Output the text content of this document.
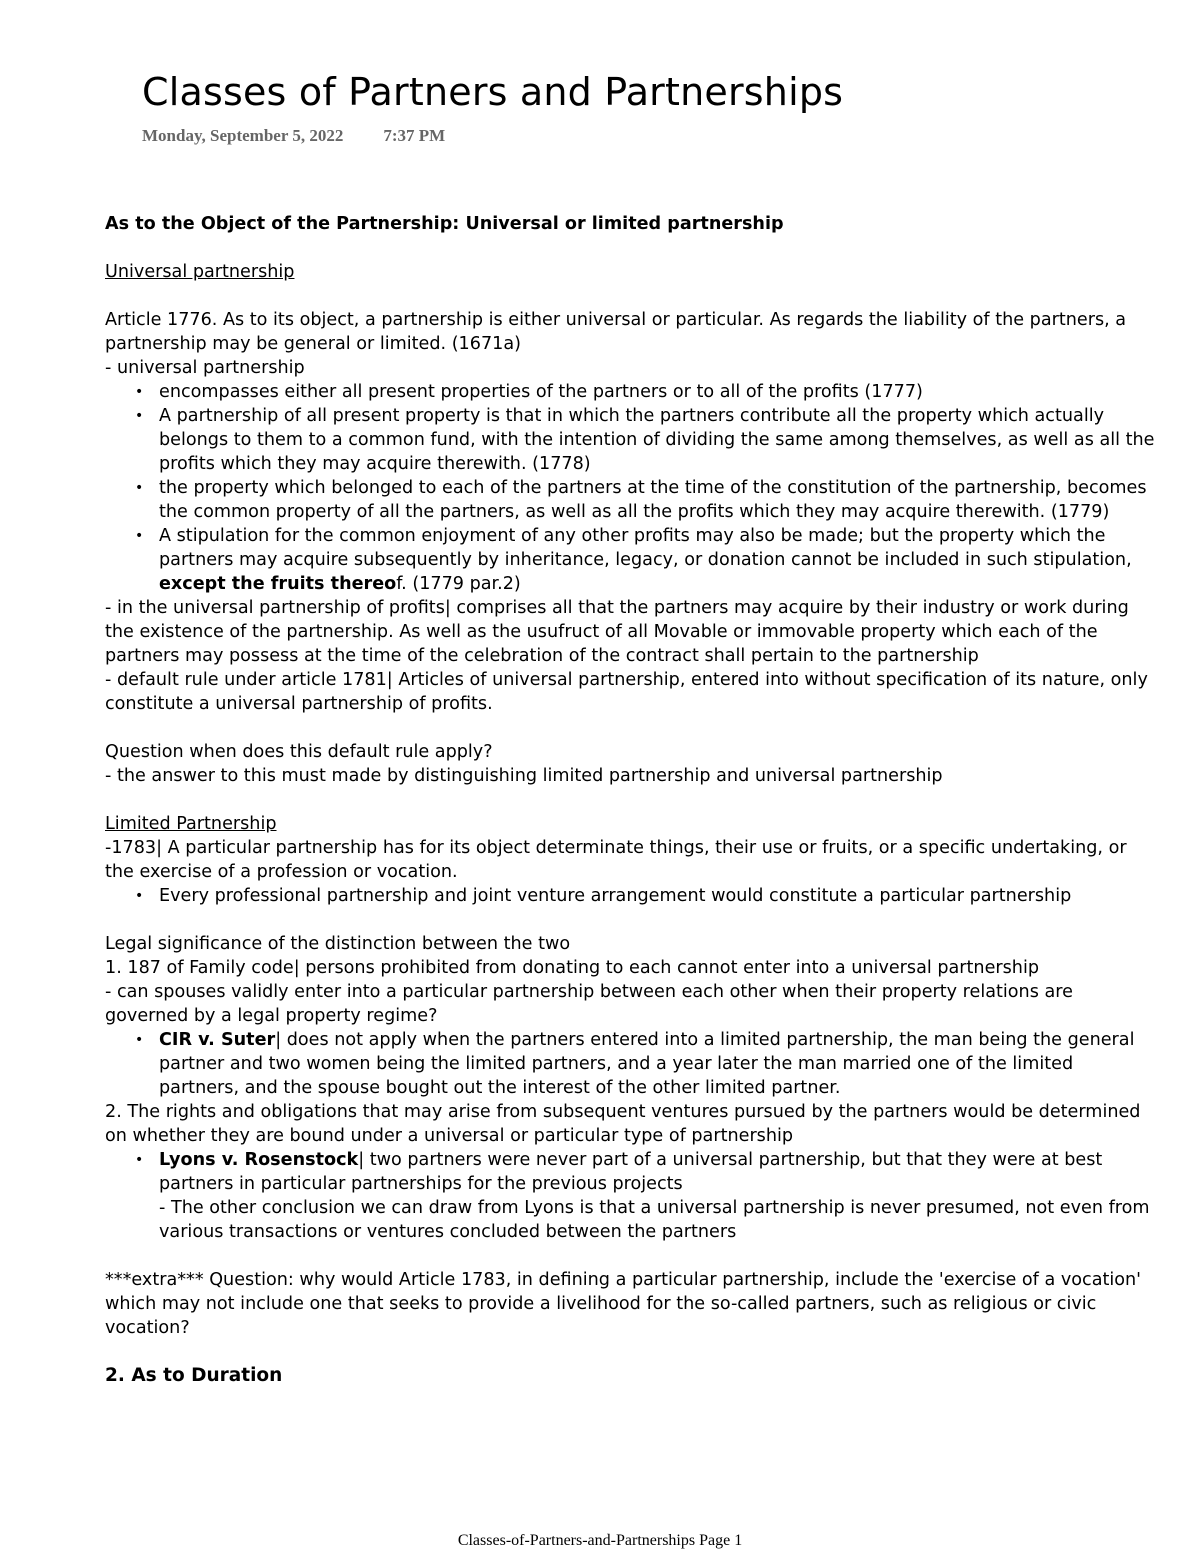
Classes of Partners and Partnerships
Monday, September 5, 2022 7:37 PM

As to the Object of the Partnership: Universal or limited partnership

Universal partnership

Article 1776. As to its object, a partnership is either universal or particular. As regards the liability of the partners, a partnership may be general or limited. (1671a)

- universal partnership

• encompasses either all present properties of the partners or to all of the profits (1777)
• A partnership of all present property is that in which the partners contribute all the property which actually belongs to them to a common fund, with the intention of dividing the same among themselves, as well as all the profits which they may acquire therewith. (1778)
• the property which belonged to each of the partners at the time of the constitution of the partnership, becomes the common property of all the partners, as well as all the profits which they may acquire therewith. (1779)
• A stipulation for the common enjoyment of any other profits may also be made; but the property which the partners may acquire subsequently by inheritance, legacy, or donation cannot be included in such stipulation, except the fruits thereof. (1779 par.2)

- in the universal partnership of profits| comprises all that the partners may acquire by their industry or work during the existence of the partnership. As well as the usufruct of all Movable or immovable property which each of the partners may possess at the time of the celebration of the contract shall pertain to the partnership

- default rule under article 1781| Articles of universal partnership, entered into without specification of its nature, only constitute a universal partnership of profits.

Question when does this default rule apply?

- the answer to this must made by distinguishing limited partnership and universal partnership

Limited Partnership

-1783| A particular partnership has for its object determinate things, their use or fruits, or a specific undertaking, or the exercise of a profession or vocation.

• Every professional partnership and joint venture arrangement would constitute a particular partnership

Legal significance of the distinction between the two

1. 187 of Family code| persons prohibited from donating to each cannot enter into a universal partnership

- can spouses validly enter into a particular partnership between each other when their property relations are governed by a legal property regime?

• CIR v. Suter| does not apply when the partners entered into a limited partnership, the man being the general partner and two women being the limited partners, and a year later the man married one of the limited partners, and the spouse bought out the interest of the other limited partner.

2. The rights and obligations that may arise from subsequent ventures pursued by the partners would be determined on whether they are bound under a universal or particular type of partnership

• Lyons v. Rosenstock| two partners were never part of a universal partnership, but that they were at best partners in particular partnerships for the previous projects
- The other conclusion we can draw from Lyons is that a universal partnership is never presumed, not even from various transactions or ventures concluded between the partners

***extra*** Question: why would Article 1783, in defining a particular partnership, include the 'exercise of a vocation' which may not include one that seeks to provide a livelihood for the so-called partners, such as religious or civic vocation?

2. As to Duration

Classes-of-Partners-and-Partnerships Page 1
